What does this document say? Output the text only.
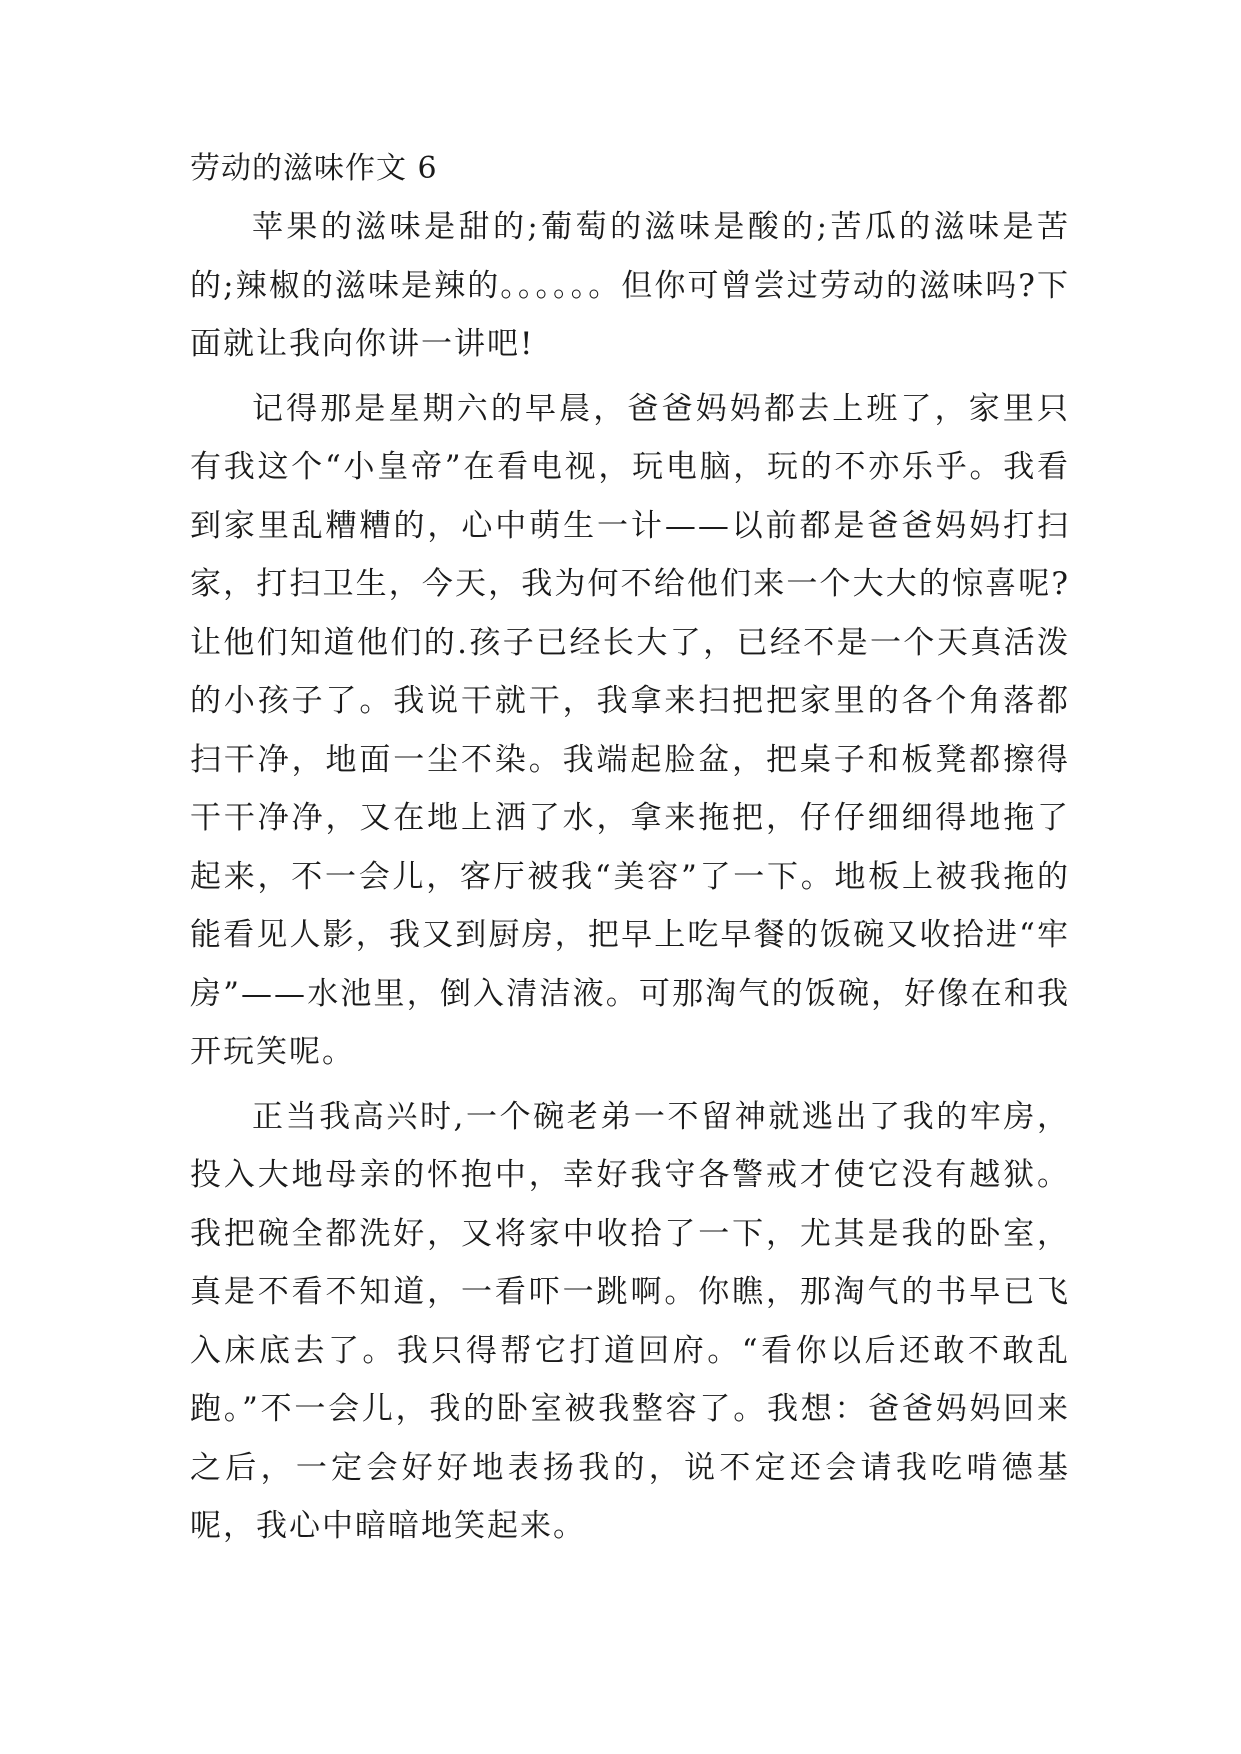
劳动的滋味作文 6

苹果的滋味是甜的;葡萄的滋味是酸的;苦瓜的滋味是苦的;辣椒的滋味是辣的。。。。。。但你可曾尝过劳动的滋味吗?下面就让我向你讲一讲吧!

记得那是星期六的早晨，爸爸妈妈都去上班了，家里只有我这个“小皇帝”在看电视，玩电脑，玩的不亦乐乎。我看到家里乱糟糟的，心中萌生一计——以前都是爸爸妈妈打扫家，打扫卫生，今天，我为何不给他们来一个大大的惊喜呢? 让他们知道他们的.孩子已经长大了，已经不是一个天真活泼的小孩子了。我说干就干，我拿来扫把把家里的各个角落都扫干净，地面一尘不染。我端起脸盆，把桌子和板凳都擦得干干净净，又在地上洒了水，拿来拖把，仔仔细细得地拖了起来，不一会儿，客厅被我“美容”了一下。地板上被我拖的能看见人影，我又到厨房，把早上吃早餐的饭碗又收拾进“牢房”——水池里，倒入清洁液。可那淘气的饭碗，好像在和我开玩笑呢。

正当我高兴时,一个碗老弟一不留神就逃出了我的牢房，投入大地母亲的怀抱中，幸好我守各警戒才使它没有越狱。我把碗全都洗好，又将家中收拾了一下，尤其是我的卧室，真是不看不知道，一看吓一跳啊。你瞧，那淘气的书早已飞入床底去了。我只得帮它打道回府。“看你以后还敢不敢乱跑。”不一会儿，我的卧室被我整容了。我想：爸爸妈妈回来之后，一定会好好地表扬我的，说不定还会请我吃啃德基呢，我心中暗暗地笑起来。
